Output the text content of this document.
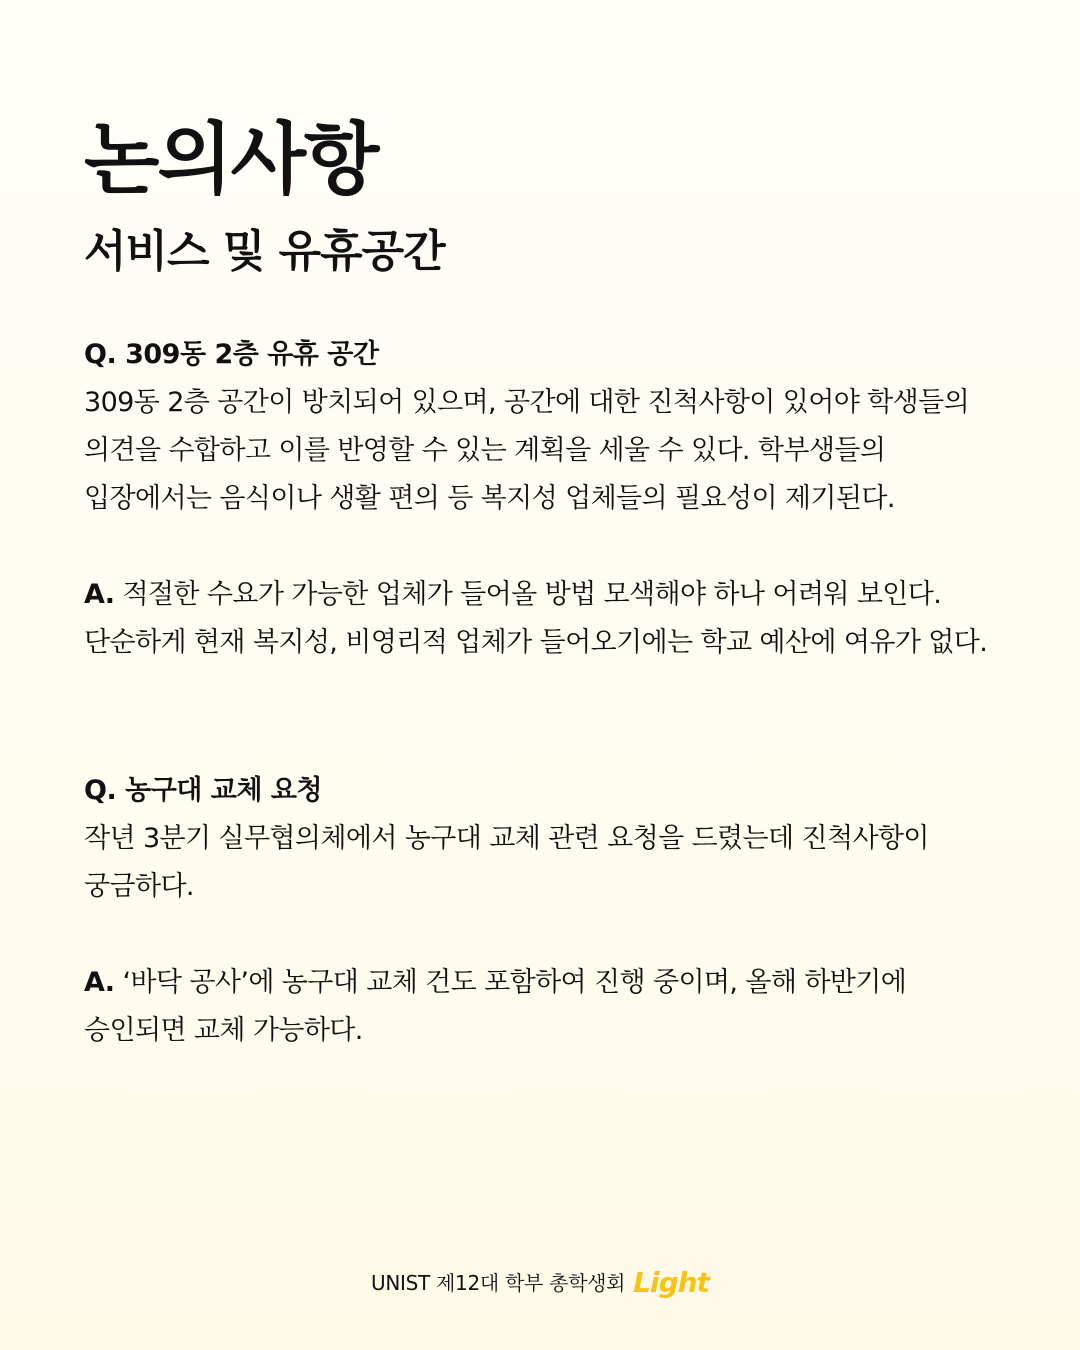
논의사항
서비스 및 유휴공간

Q. 309동 2층 유휴 공간

309동 2층 공간이 방치되어 있으며, 공간에 대한 진척사항이 있어야 학생들의 의견을 수합하고 이를 반영할 수 있는 계획을 세울 수 있다. 학부생들의 입장에서는 음식이나 생활 편의 등 복지성 업체들의 필요성이 제기된다.

A. 적절한 수요가 가능한 업체가 들어올 방법 모색해야 하나 어려워 보인다. 단순하게 현재 복지성, 비영리적 업체가 들어오기에는 학교 예산에 여유가 없다.

Q. 농구대 교체 요청

작년 3분기 실무협의체에서 농구대 교체 관련 요청을 드렸는데 진척사항이 궁금하다.

A. ‘바닥 공사’에 농구대 교체 건도 포함하여 진행 중이며, 올해 하반기에 승인되면 교체 가능하다.

UNIST 제12대 학부 총학생회 Light
